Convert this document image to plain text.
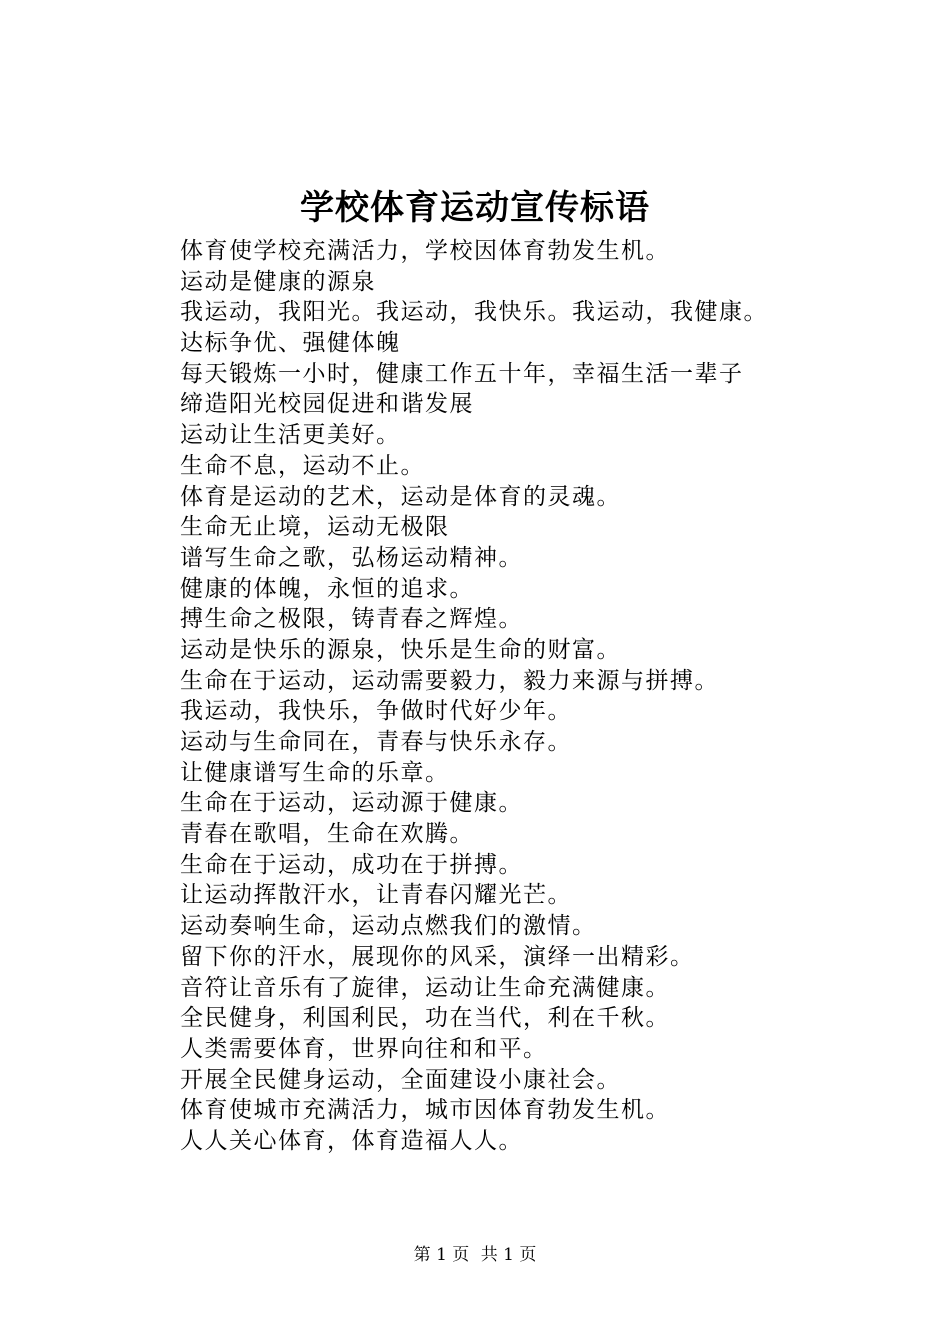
学校体育运动宣传标语
体育使学校充满活力，学校因体育勃发生机。
运动是健康的源泉
我运动，我阳光。我运动，我快乐。我运动，我健康。
达标争优、强健体魄
每天锻炼一小时，健康工作五十年，幸福生活一辈子
缔造阳光校园促进和谐发展
运动让生活更美好。
生命不息，运动不止。
体育是运动的艺术，运动是体育的灵魂。
生命无止境，运动无极限
谱写生命之歌，弘杨运动精神。
健康的体魄，永恒的追求。
搏生命之极限，铸青春之辉煌。
运动是快乐的源泉，快乐是生命的财富。
生命在于运动，运动需要毅力，毅力来源与拼搏。
我运动，我快乐，争做时代好少年。
运动与生命同在，青春与快乐永存。
让健康谱写生命的乐章。
生命在于运动，运动源于健康。
青春在歌唱，生命在欢腾。
生命在于运动，成功在于拼搏。
让运动挥散汗水，让青春闪耀光芒。
运动奏响生命，运动点燃我们的激情。
留下你的汗水，展现你的风采，演绎一出精彩。
音符让音乐有了旋律，运动让生命充满健康。
全民健身，利国利民，功在当代，利在千秋。
人类需要体育，世界向往和和平。
开展全民健身运动，全面建设小康社会。
体育使城市充满活力，城市因体育勃发生机。
人人关心体育，体育造福人人。
第 1 页 共 1 页
